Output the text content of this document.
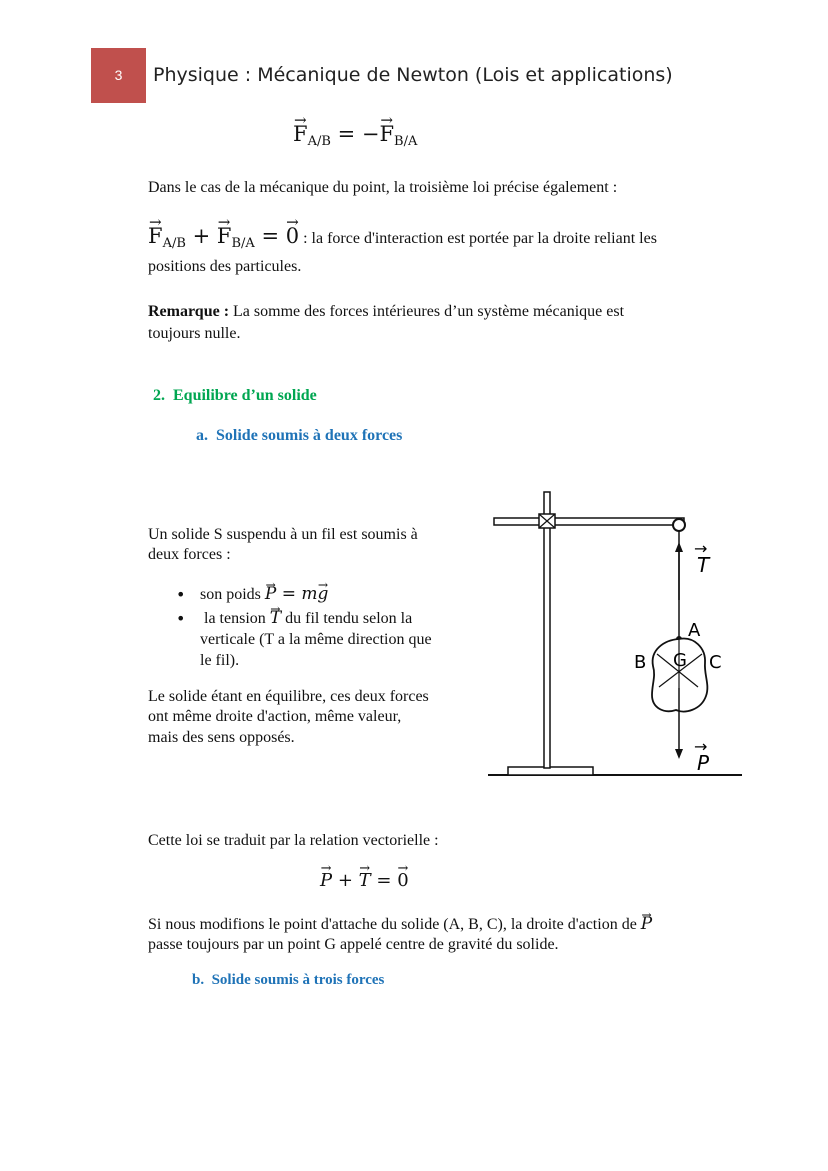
3	Physique : Mécanique de Newton (Lois et applications)
→ $F_{A/B}$ = −→ $F_{B/A}$
Dans le cas de la mécanique du point, la troisième loi précise également :
→ $F_{A/B}$ + → $F_{B/A}$ = → 0 : la force d'interaction est portée par la droite reliant les
positions des particules.
Remarque : La somme des forces intérieures d’un système mécanique est
toujours nulle.
2. Equilibre d’un solide
a. Solide soumis à deux forces
Un solide S suspendu à un fil est soumis à
deux forces :
• son poids → P = m→ g
•  la tension → T du fil tendu selon la
verticale (T a la même direction que
le fil).
Le solide étant en équilibre, ces deux forces
ont même droite d'action, même valeur,
mais des sens opposés.
T
→
P
→
A
B G C
Cette loi se traduit par la relation vectorielle :
→ P + → T = → 0
Si nous modifions le point d'attache du solide (A, B, C), la droite d'action de → P
passe toujours par un point G appelé centre de gravité du solide.
b. Solide soumis à trois forces
